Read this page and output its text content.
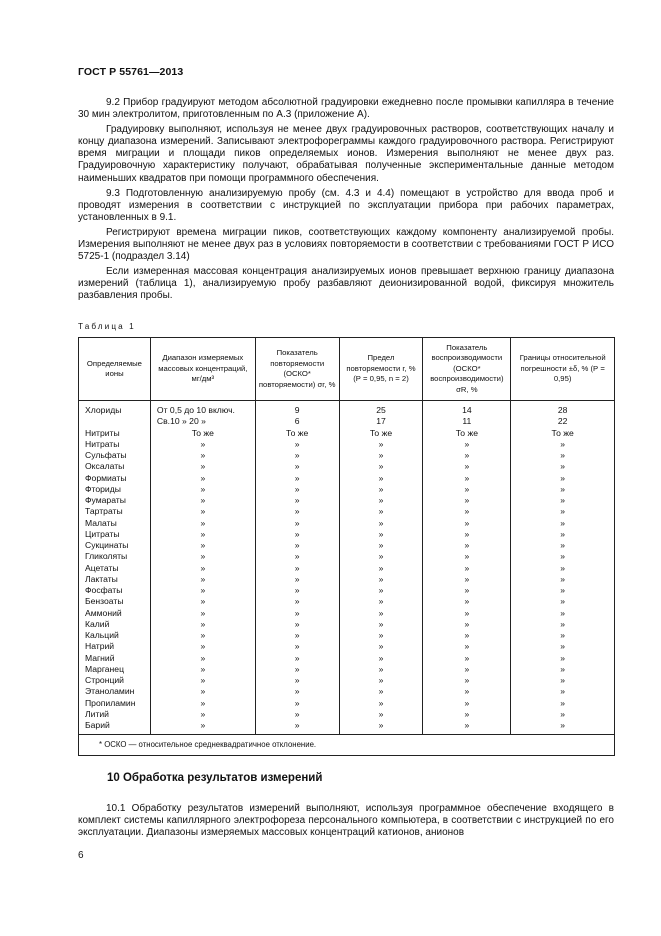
ГОСТ Р 55761—2013

9.2 Прибор градуируют методом абсолютной градуировки ежедневно после промывки капилляра в течение 30 мин электролитом, приготовленным по А.3 (приложение А).

Градуировку выполняют, используя не менее двух градуировочных растворов, соответствующих началу и концу диапазона измерений. Записывают электрофореграммы каждого градуировочного раствора. Регистрируют время миграции и площади пиков определяемых ионов. Измерения выполняют не менее двух раз. Градуировочную характеристику получают, обрабатывая полученные экспериментальные данные методом наименьших квадратов при помощи программного обеспечения.

9.3 Подготовленную анализируемую пробу (см. 4.3 и 4.4) помещают в устройство для ввода проб и проводят измерения в соответствии с инструкцией по эксплуатации прибора при рабочих параметрах, установленных в 9.1.

Регистрируют времена миграции пиков, соответствующих каждому компоненту анализируемой пробы. Измерения выполняют не менее двух раз в условиях повторяемости в соответствии с требованиями ГОСТ Р ИСО 5725-1 (подраздел 3.14)

Если измеренная массовая концентрация анализируемых ионов превышает верхнюю границу диапазона измерений (таблица 1), анализируемую пробу разбавляют деионизированной водой, фиксируя множитель разбавления пробы.

Таблица 1
Определяемые ионы	Диапазон измеряемых массовых концентраций, мг/дм³	Показатель повторяемости (ОСКО* повторяемости) σr, %	Предел повторяемости r, % (Р = 0,95, n = 2)	Показатель воспроизводимости (ОСКО* воспроизводимости) σR, %	Границы относительной погрешности ±δ, % (Р = 0,95)
Хлориды	От 0,5 до 10 включ.	9	25	14	28
	Св.10 » 20 »	6	17	11	22
Нитриты	То же	То же	То же	То же	То же
Нитраты	»	»	»	»	»
Сульфаты	»	»	»	»	»
Оксалаты	»	»	»	»	»
Формиаты	»	»	»	»	»
Фториды	»	»	»	»	»
Фумараты	»	»	»	»	»
Тартраты	»	»	»	»	»
Малаты	»	»	»	»	»
Цитраты	»	»	»	»	»
Сукцинаты	»	»	»	»	»
Гликоляты	»	»	»	»	»
Ацетаты	»	»	»	»	»
Лактаты	»	»	»	»	»
Фосфаты	»	»	»	»	»
Бензоаты	»	»	»	»	»
Аммоний	»	»	»	»	»
Калий	»	»	»	»	»
Кальций	»	»	»	»	»
Натрий	»	»	»	»	»
Магний	»	»	»	»	»
Марганец	»	»	»	»	»
Стронций	»	»	»	»	»
Этаноламин	»	»	»	»	»
Пропиламин	»	»	»	»	»
Литий	»	»	»	»	»
Барий	»	»	»	»	»
* ОСКО — относительное среднеквадратичное отклонение.					
10 Обработка результатов измерений

10.1 Обработку результатов измерений выполняют, используя программное обеспечение входящего в комплект системы капиллярного электрофореза персонального компьютера, в соответствии с инструкцией по его эксплуатации. Диапазоны измеряемых массовых концентраций катионов, анионов

6
